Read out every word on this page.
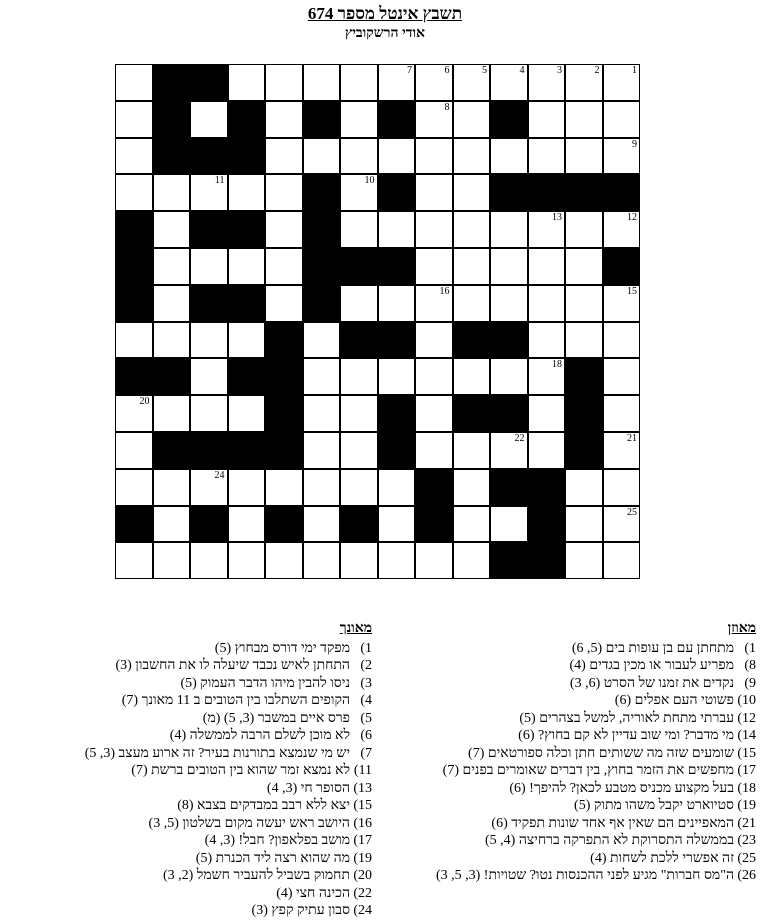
תשבץ אינטל מספר 674
אודי הרשקוביץ
1
2
3
4
5
6
7
8
9
10
11
12
13
14
15
16
17
18
19
20
21
22
23
24
25
26
מאוזן
1)מתחתן עם בן עופות בים (5, 6)
8)מפריע לעבור או מכין בגדים (4)
9)נקדים את זמנו של הסרט (6, 3)
10)פשוטי העם אפלים (6)
12)עברתי מתחת לאוריה, למשל בצהרים (5)
14)מי מדבר? ומי שוב עדיין לא קם בחוץ? (6)
15)שומעים שזה מה ששותים חתן וכלה ספורטאים (7)
17)מחפשים את הזמר בחוץ, בין דברים שאומרים בפנים (7)
18)בעל מקצוע מכניס מטבע לכאן? להיפך! (6)
19)סטיוארט יקבל משהו מתוק (5)
21)המאפיינים הם שאין אף אחד שונות תפקיד (6)
23)בממשלה התסרוקת לא התפרקה ברחיצה (4, 5)
25)זה אפשרי ללכת לשחות (4)
26)ה"מס חברות" מגיע לפני ההכנסות נטו? שטויות! (3, 5, 3)
מאונך
1)מפקד ימי דורס מבחוץ (5)
2)התחתן לאיש נכבד שיעלה לו את החשבון (3)
3)ניסו להבין מיהו הדבר העמוק (5)
4)הקופים השתלבו בין הטובים ב 11 מאונך (7)
5)פרס איים במשבר (3, 5) (מ)
6)לא מוכן לשלם הרבה לממשלה (4)
7)יש מי שנמצא בתורנות בעיר? זה ארוע מעצב (3, 5)
11)לא נמצא זמר שהוא בין הטובים ברשת (7)
13)הסופר חי (3, 4)
15)יצא ללא רבב במבדקים בצבא (8)
16)היושב ראש יעשה מקום בשלטון (5, 3)
17)מושב בפלאפון? חבל! (3, 4)
19)מה שהוא רצה ליד הכנרת (5)
20)תחמוק בשביל להעביר חשמל (2, 3)
22)הכינה חצי (4)
24)סבון עתיק קפץ (3)
